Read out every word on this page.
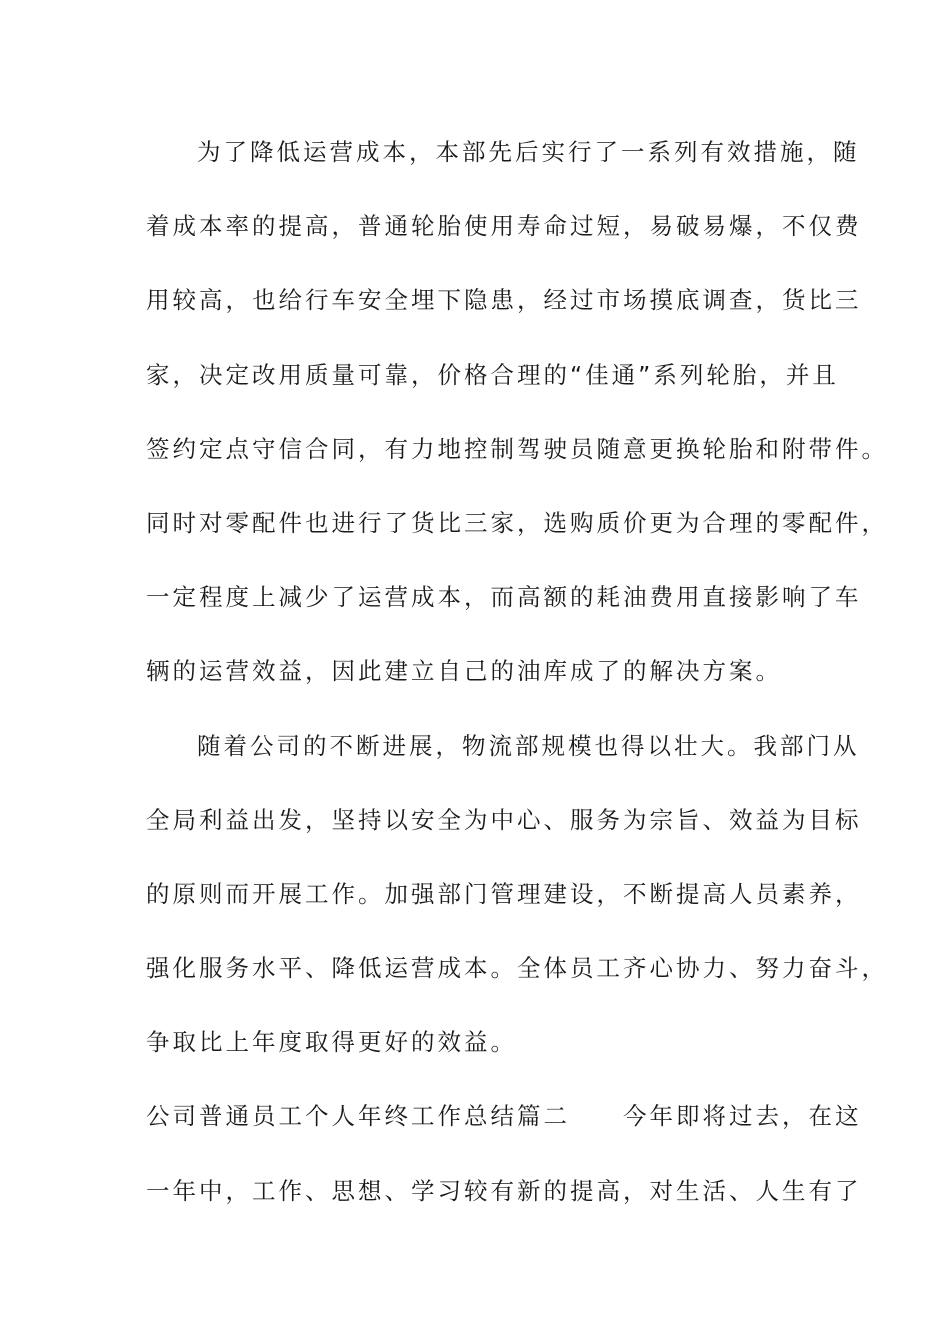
为了降低运营成本，本部先后实行了一系列有效措施，随
着成本率的提高，普通轮胎使用寿命过短，易破易爆，不仅费
用较高，也给行车安全埋下隐患，经过市场摸底调查，货比三
家，决定改用质量可靠，价格合理的“佳通”系列轮胎，并且
签约定点守信合同，有力地控制驾驶员随意更换轮胎和附带件。
同时对零配件也进行了货比三家，选购质价更为合理的零配件，
一定程度上减少了运营成本，而高额的耗油费用直接影响了车
辆的运营效益，因此建立自己的油库成了的解决方案。
随着公司的不断进展，物流部规模也得以壮大。我部门从
全局利益出发，坚持以安全为中心、服务为宗旨、效益为目标
的原则而开展工作。加强部门管理建设，不断提高人员素养，
强化服务水平、降低运营成本。全体员工齐心协力、努力奋斗，
争取比上年度取得更好的效益。
公司普通员工个人年终工作总结篇二　　今年即将过去，在这
一年中，工作、思想、学习较有新的提高，对生活、人生有了
